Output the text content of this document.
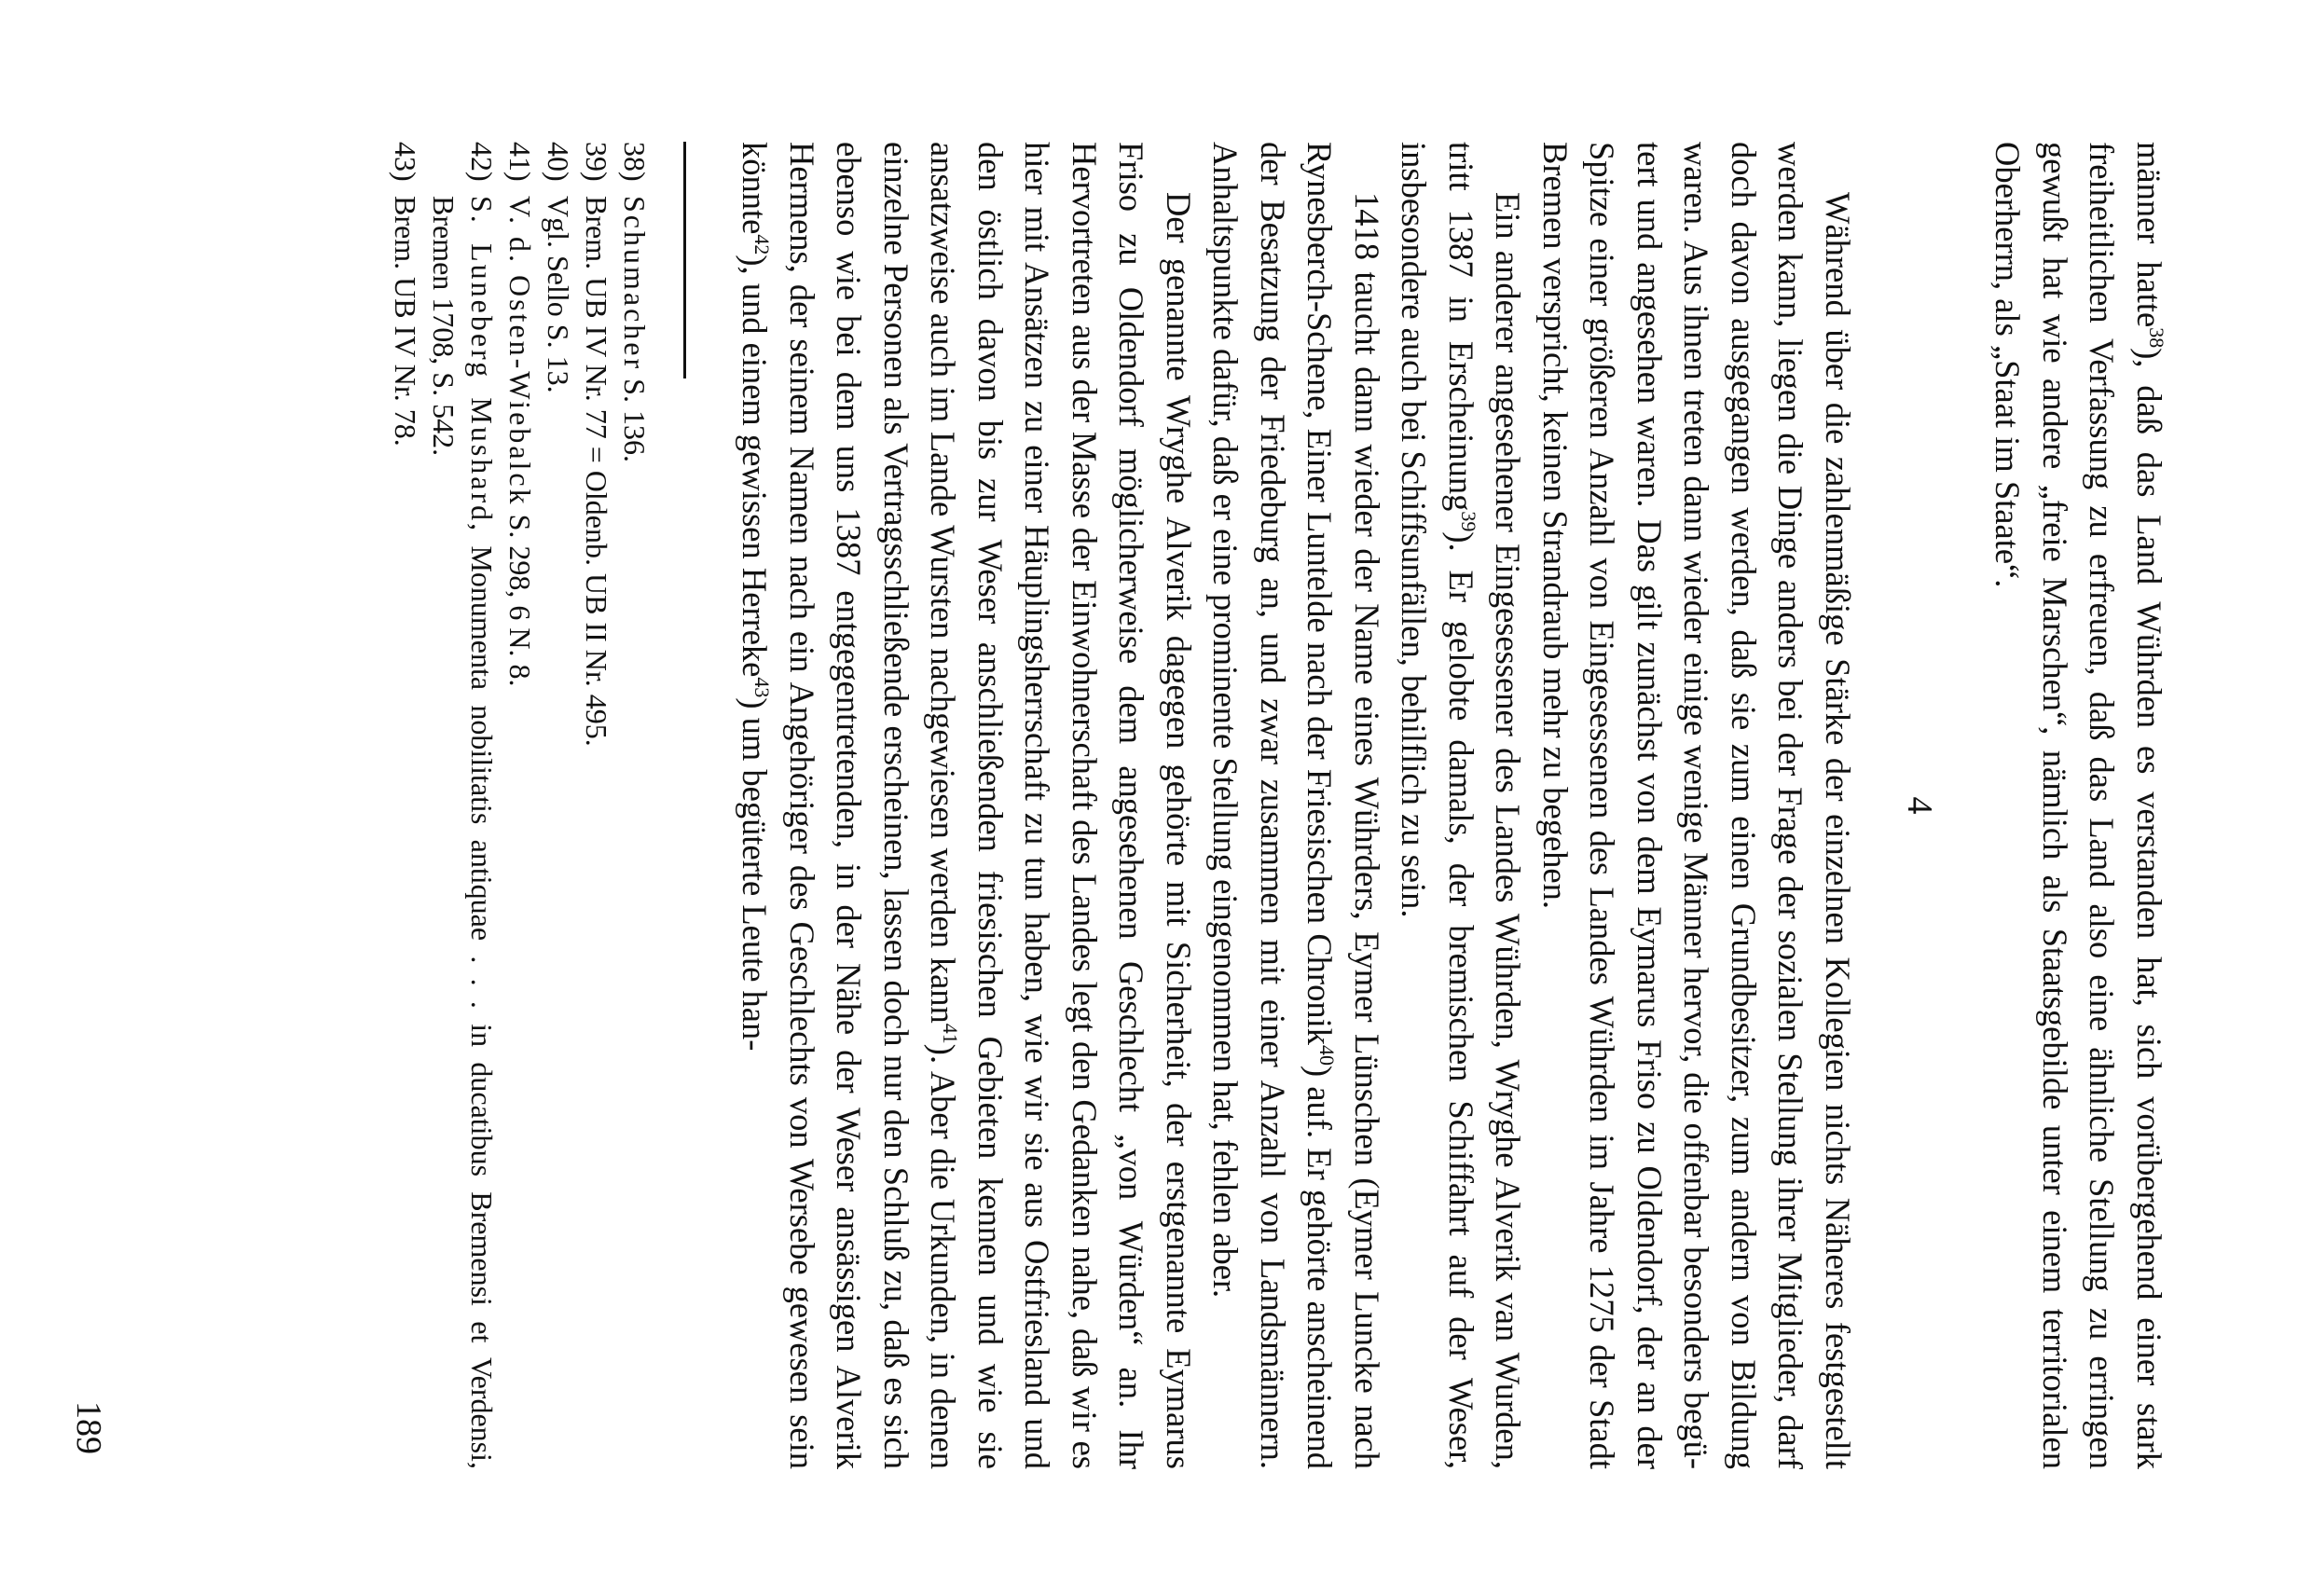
männer hatte$^{38}$), daß das Land Wührden es verstanden hat, sich vorübergehend einer stark freiheitlichen Verfassung zu erfreuen, daß das Land also eine ähnliche Stellung zu erringen gewußt hat wie andere „freie Marschen“, nämlich als Staatsgebilde unter einem territorialen Oberherrn, als „Staat im Staate“.

4

Während über die zahlenmäßige Stärke der einzelnen Kollegien nichts Näheres festgestellt werden kann, liegen die Dinge anders bei der Frage der sozialen Stellung ihrer Mitglieder, darf doch davon ausgegangen werden, daß sie zum einen Grundbesitzer, zum andern von Bildung waren. Aus ihnen treten dann wieder einige wenige Männer hervor, die offenbar besonders begütert und angesehen waren. Das gilt zunächst von dem Eymarus Friso zu Oldendorf, der an der Spitze einer größeren Anzahl von Eingesessenen des Landes Wührden im Jahre 1275 der Stadt Bremen verspricht, keinen Strandraub mehr zu begehen.

Ein anderer angesehener Eingesessener des Landes Wührden, Wryghe Alverik van Wurden, tritt 1387 in Erscheinung$^{39}$). Er gelobte damals, der bremischen Schiffahrt auf der Weser, insbesondere auch bei Schiffsunfällen, behilflich zu sein.

1418 taucht dann wieder der Name eines Wührders, Eymer Lünschen (Eymer Luncke nach Rynesberch-Schene, Einer Luntelde nach der Friesischen Chronik$^{40}$) auf. Er gehörte anscheinend der Besatzung der Friedeburg an, und zwar zusammen mit einer Anzahl von Landsmännern. Anhaltspunkte dafür, daß er eine prominente Stellung eingenommen hat, fehlen aber.

Der genannte Wryghe Alverik dagegen gehörte mit Sicherheit, der erstgenannte Eymarus Friso zu Oldendorf möglicherweise dem angesehenen Geschlecht „von Würden“ an. Ihr Hervortreten aus der Masse der Einwohnerschaft des Landes legt den Gedanken nahe, daß wir es hier mit Ansätzen zu einer Häuplingsherrschaft zu tun haben, wie wir sie aus Ostfriesland und den östlich davon bis zur Weser anschließenden friesischen Gebieten kennen und wie sie ansatzweise auch im Lande Wursten nachgewiesen werden kann$^{41}$). Aber die Urkunden, in denen einzelne Personen als Vertragsschließende erscheinen, lassen doch nur den Schluß zu, daß es sich ebenso wie bei dem uns 1387 entgegentretenden, in der Nähe der Weser ansässigen Alverik Hermens, der seinem Namen nach ein Angehöriger des Geschlechts von Wersebe gewesen sein könnte$^{42}$), und einem gewissen Herreke$^{43}$) um begüterte Leute han-

38)
Schumacher S. 136.
39)
Brem. UB IV Nr. 77 = Oldenb. UB II Nr. 495.
40)
Vgl. Sello S. 13.
41)
V. d. Osten-Wiebalck S. 298, 6 N. 8.
42)
S. Luneberg Mushard, Monumenta nobilitatis antiquae . . . in ducatibus Bremensi et Verdensi, Bremen 1708, S. 542.
43)
Brem. UB IV Nr. 78.
189
